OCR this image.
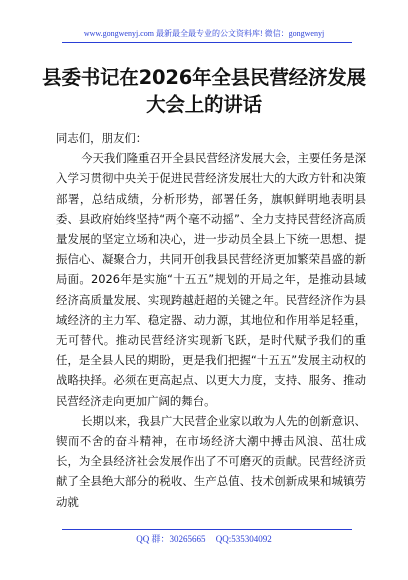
www.gongwenyj.com 最新最全最专业的公文资料库! 微信：gongwenyj
县委书记在2026年全县民营经济发展大会上的讲话

同志们，朋友们：

今天我们隆重召开全县民营经济发展大会，主要任务是深入学习贯彻中央关于促进民营经济发展壮大的大政方针和决策部署，总结成绩，分析形势，部署任务，旗帜鲜明地表明县委、县政府始终坚持“两个毫不动摇”、全力支持民营经济高质量发展的坚定立场和决心，进一步动员全县上下统一思想、提振信心、凝聚合力，共同开创我县民营经济更加繁荣昌盛的新局面。2026年是实施“十五五”规划的开局之年，是推动县域经济高质量发展、实现跨越赶超的关键之年。民营经济作为县域经济的主力军、稳定器、动力源，其地位和作用举足轻重，无可替代。推动民营经济实现新飞跃，是时代赋予我们的重任，是全县人民的期盼，更是我们把握“十五五”发展主动权的战略抉择。必须在更高起点、以更大力度，支持、服务、推动民营经济走向更加广阔的舞台。

长期以来，我县广大民营企业家以敢为人先的创新意识、锲而不舍的奋斗精神，在市场经济大潮中搏击风浪、茁壮成长，为全县经济社会发展作出了不可磨灭的贡献。民营经济贡献了全县绝大部分的税收、生产总值、技术创新成果和城镇劳动就

QQ 群：30265665 QQ:535304092
